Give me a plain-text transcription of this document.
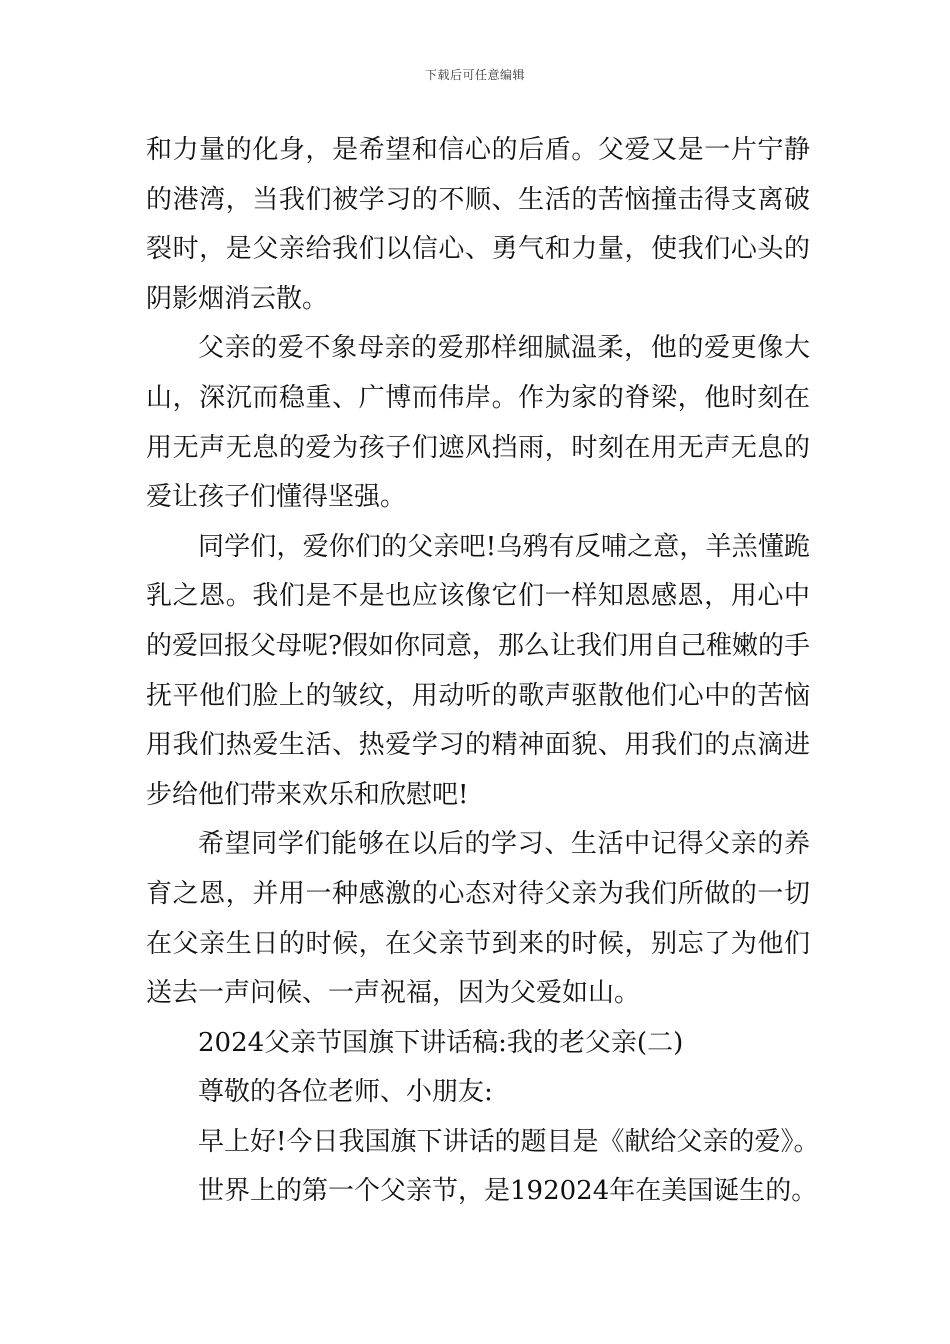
下载后可任意编辑

和力量的化身，是希望和信心的后盾。父爱又是一片宁静的港湾，当我们被学习的不顺、生活的苦恼撞击得支离破裂时，是父亲给我们以信心、勇气和力量，使我们心头的阴影烟消云散。

父亲的爱不象母亲的爱那样细腻温柔，他的爱更像大山，深沉而稳重、广博而伟岸。作为家的脊梁，他时刻在用无声无息的爱为孩子们遮风挡雨，时刻在用无声无息的爱让孩子们懂得坚强。

同学们，爱你们的父亲吧!乌鸦有反哺之意，羊羔懂跪乳之恩。我们是不是也应该像它们一样知恩感恩，用心中的爱回报父母呢?假如你同意，那么让我们用自己稚嫩的手抚平他们脸上的皱纹，用动听的歌声驱散他们心中的苦恼用我们热爱生活、热爱学习的精神面貌、用我们的点滴进步给他们带来欢乐和欣慰吧!

希望同学们能够在以后的学习、生活中记得父亲的养育之恩，并用一种感激的心态对待父亲为我们所做的一切在父亲生日的时候，在父亲节到来的时候，别忘了为他们送去一声问候、一声祝福，因为父爱如山。

2024父亲节国旗下讲话稿:我的老父亲(二)

尊敬的各位老师、小朋友:

早上好!今日我国旗下讲话的题目是《献给父亲的爱》。

世界上的第一个父亲节，是192024年在美国诞生的。
